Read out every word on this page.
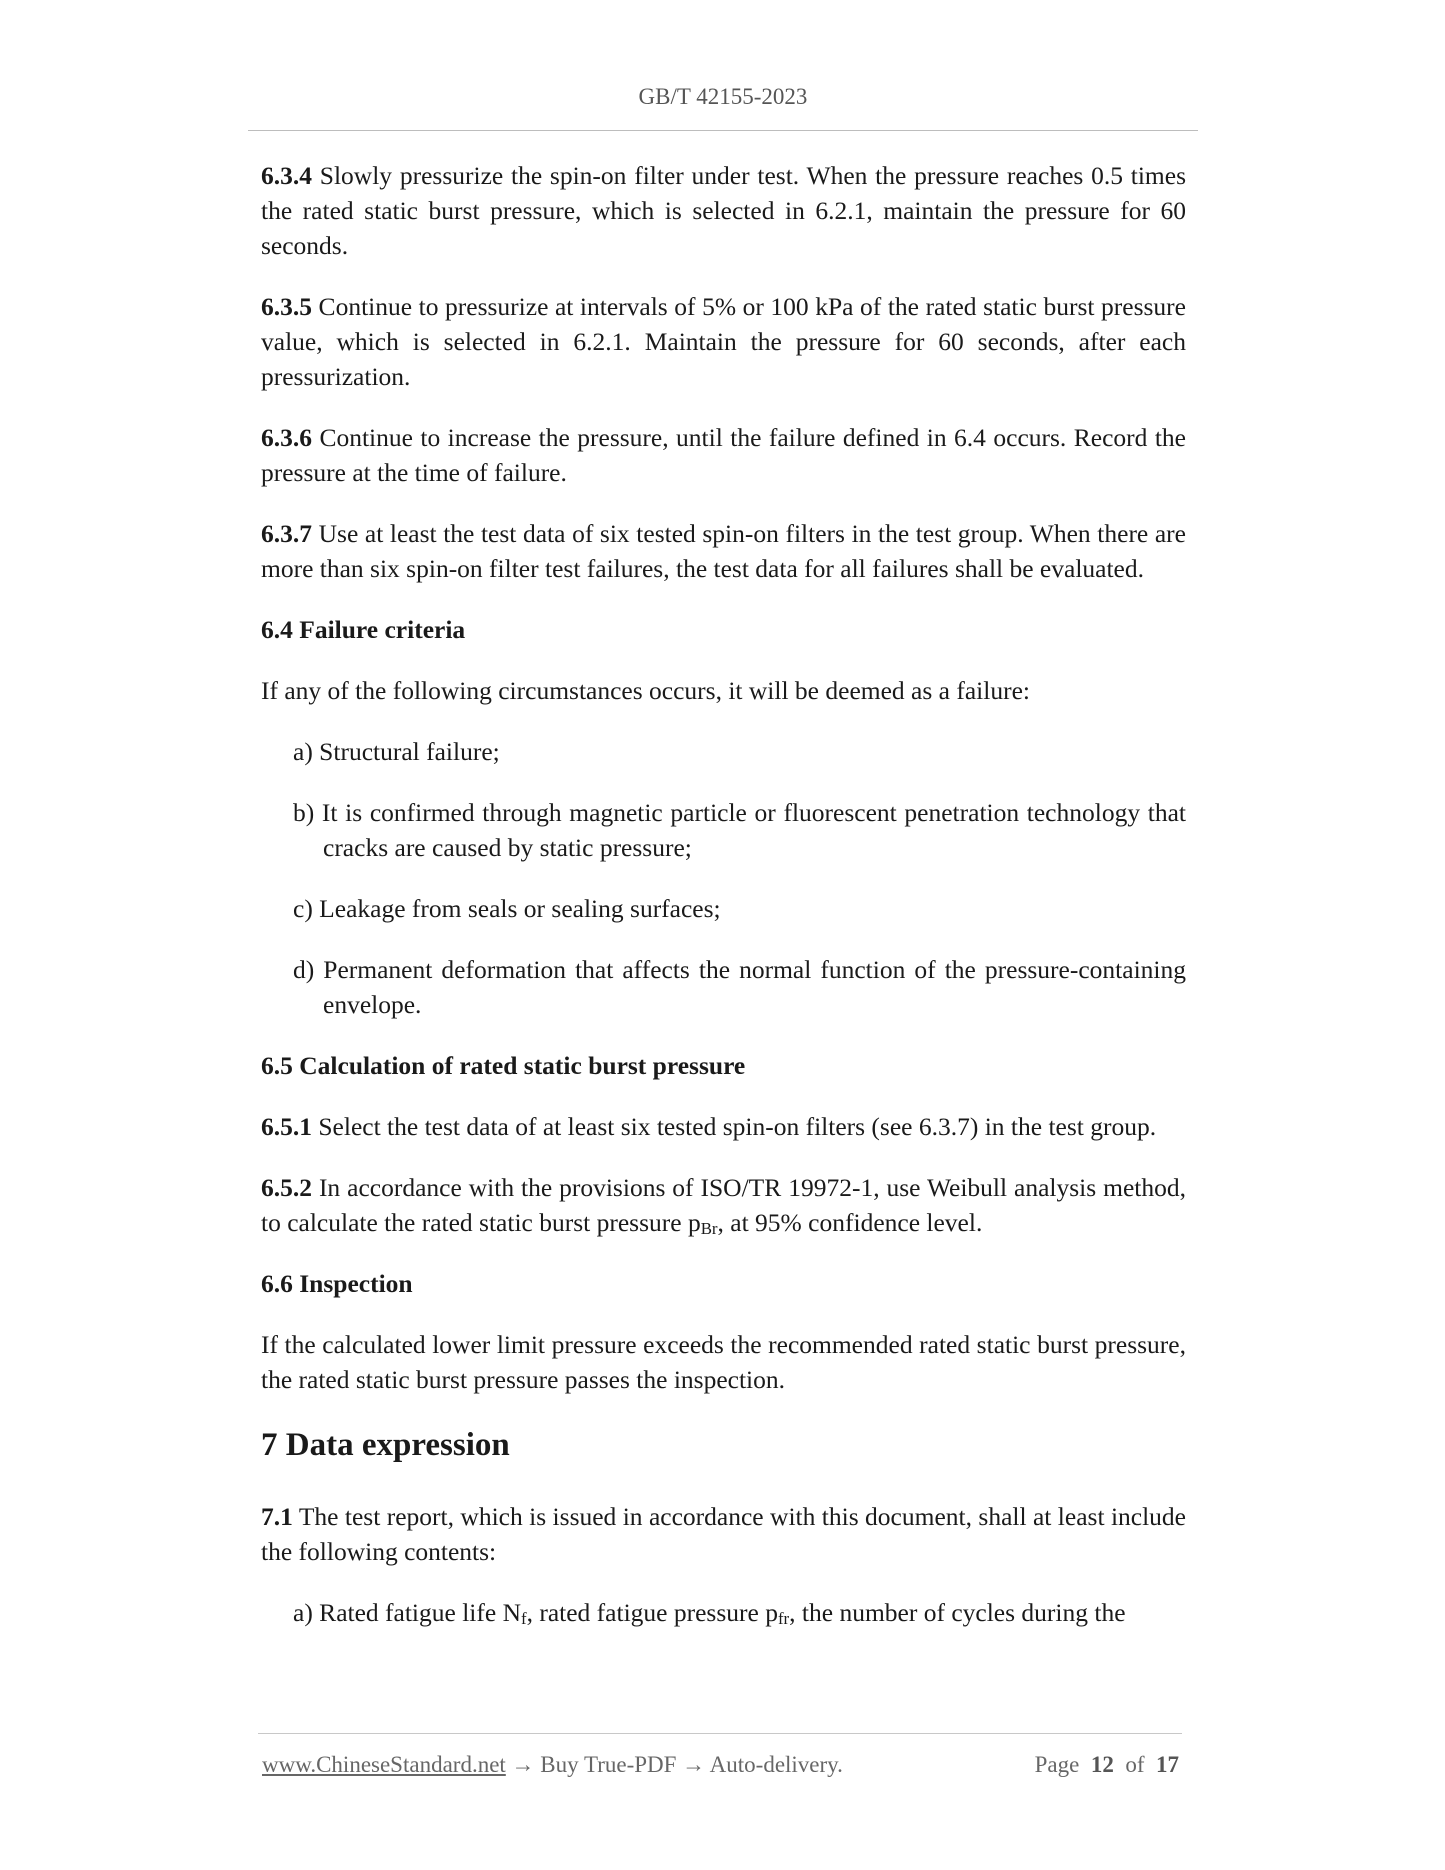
GB/T 42155-2023

6.3.4 Slowly pressurize the spin-on filter under test. When the pressure reaches 0.5 times the rated static burst pressure, which is selected in 6.2.1, maintain the pressure for 60 seconds.

6.3.5 Continue to pressurize at intervals of 5% or 100 kPa of the rated static burst pressure value, which is selected in 6.2.1. Maintain the pressure for 60 seconds, after each pressurization.

6.3.6 Continue to increase the pressure, until the failure defined in 6.4 occurs. Record the pressure at the time of failure.

6.3.7 Use at least the test data of six tested spin-on filters in the test group. When there are more than six spin-on filter test failures, the test data for all failures shall be evaluated.

6.4 Failure criteria

If any of the following circumstances occurs, it will be deemed as a failure:

a) Structural failure;

b) It is confirmed through magnetic particle or fluorescent penetration technology that cracks are caused by static pressure;

c) Leakage from seals or sealing surfaces;

d) Permanent deformation that affects the normal function of the pressure-containing envelope.

6.5 Calculation of rated static burst pressure

6.5.1 Select the test data of at least six tested spin-on filters (see 6.3.7) in the test group.

6.5.2 In accordance with the provisions of ISO/TR 19972-1, use Weibull analysis method, to calculate the rated static burst pressure pBr, at 95% confidence level.

6.6 Inspection

If the calculated lower limit pressure exceeds the recommended rated static burst pressure, the rated static burst pressure passes the inspection.

7 Data expression

7.1 The test report, which is issued in accordance with this document, shall at least include the following contents:

a) Rated fatigue life Nf, rated fatigue pressure pfr, the number of cycles during the

www.ChineseStandard.net → Buy True-PDF → Auto-delivery.	Page 12 of 17
